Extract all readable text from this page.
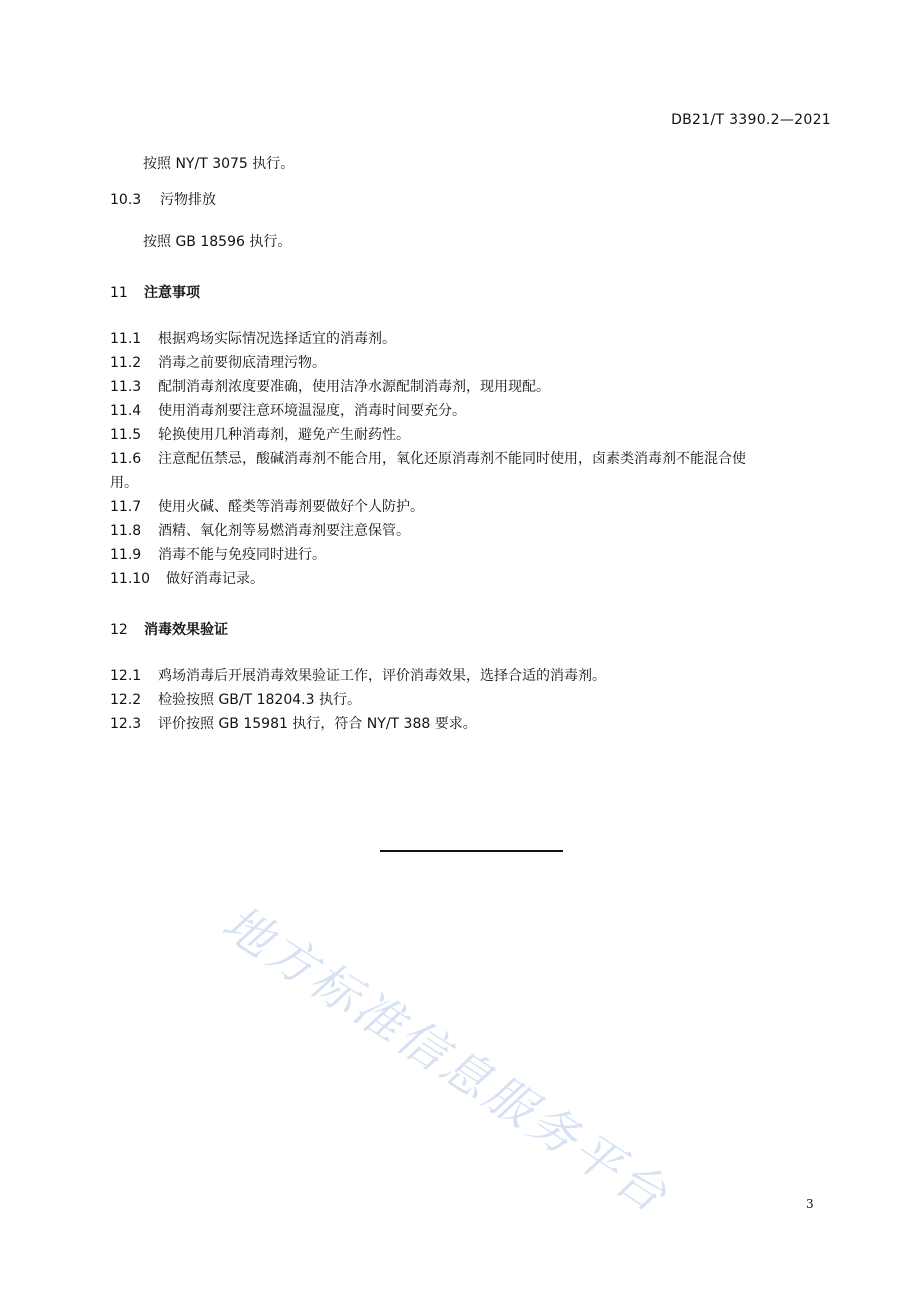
DB21/T 3390.2—2021
按照 NY/T 3075 执行。
10.3 污物排放
按照 GB 18596 执行。
11 注意事项
11.1 根据鸡场实际情况选择适宜的消毒剂。
11.2 消毒之前要彻底清理污物。
11.3 配制消毒剂浓度要准确，使用洁净水源配制消毒剂，现用现配。
11.4 使用消毒剂要注意环境温湿度，消毒时间要充分。
11.5 轮换使用几种消毒剂，避免产生耐药性。
11.6 注意配伍禁忌，酸碱消毒剂不能合用，氧化还原消毒剂不能同时使用，卤素类消毒剂不能混合使
用。
11.7 使用火碱、醛类等消毒剂要做好个人防护。
11.8 酒精、氧化剂等易燃消毒剂要注意保管。
11.9 消毒不能与免疫同时进行。
11.10 做好消毒记录。
12 消毒效果验证
12.1 鸡场消毒后开展消毒效果验证工作，评价消毒效果，选择合适的消毒剂。
12.2 检验按照 GB/T 18204.3 执行。
12.3 评价按照 GB 15981 执行，符合 NY/T 388 要求。
地方标准信息服务平台	3
